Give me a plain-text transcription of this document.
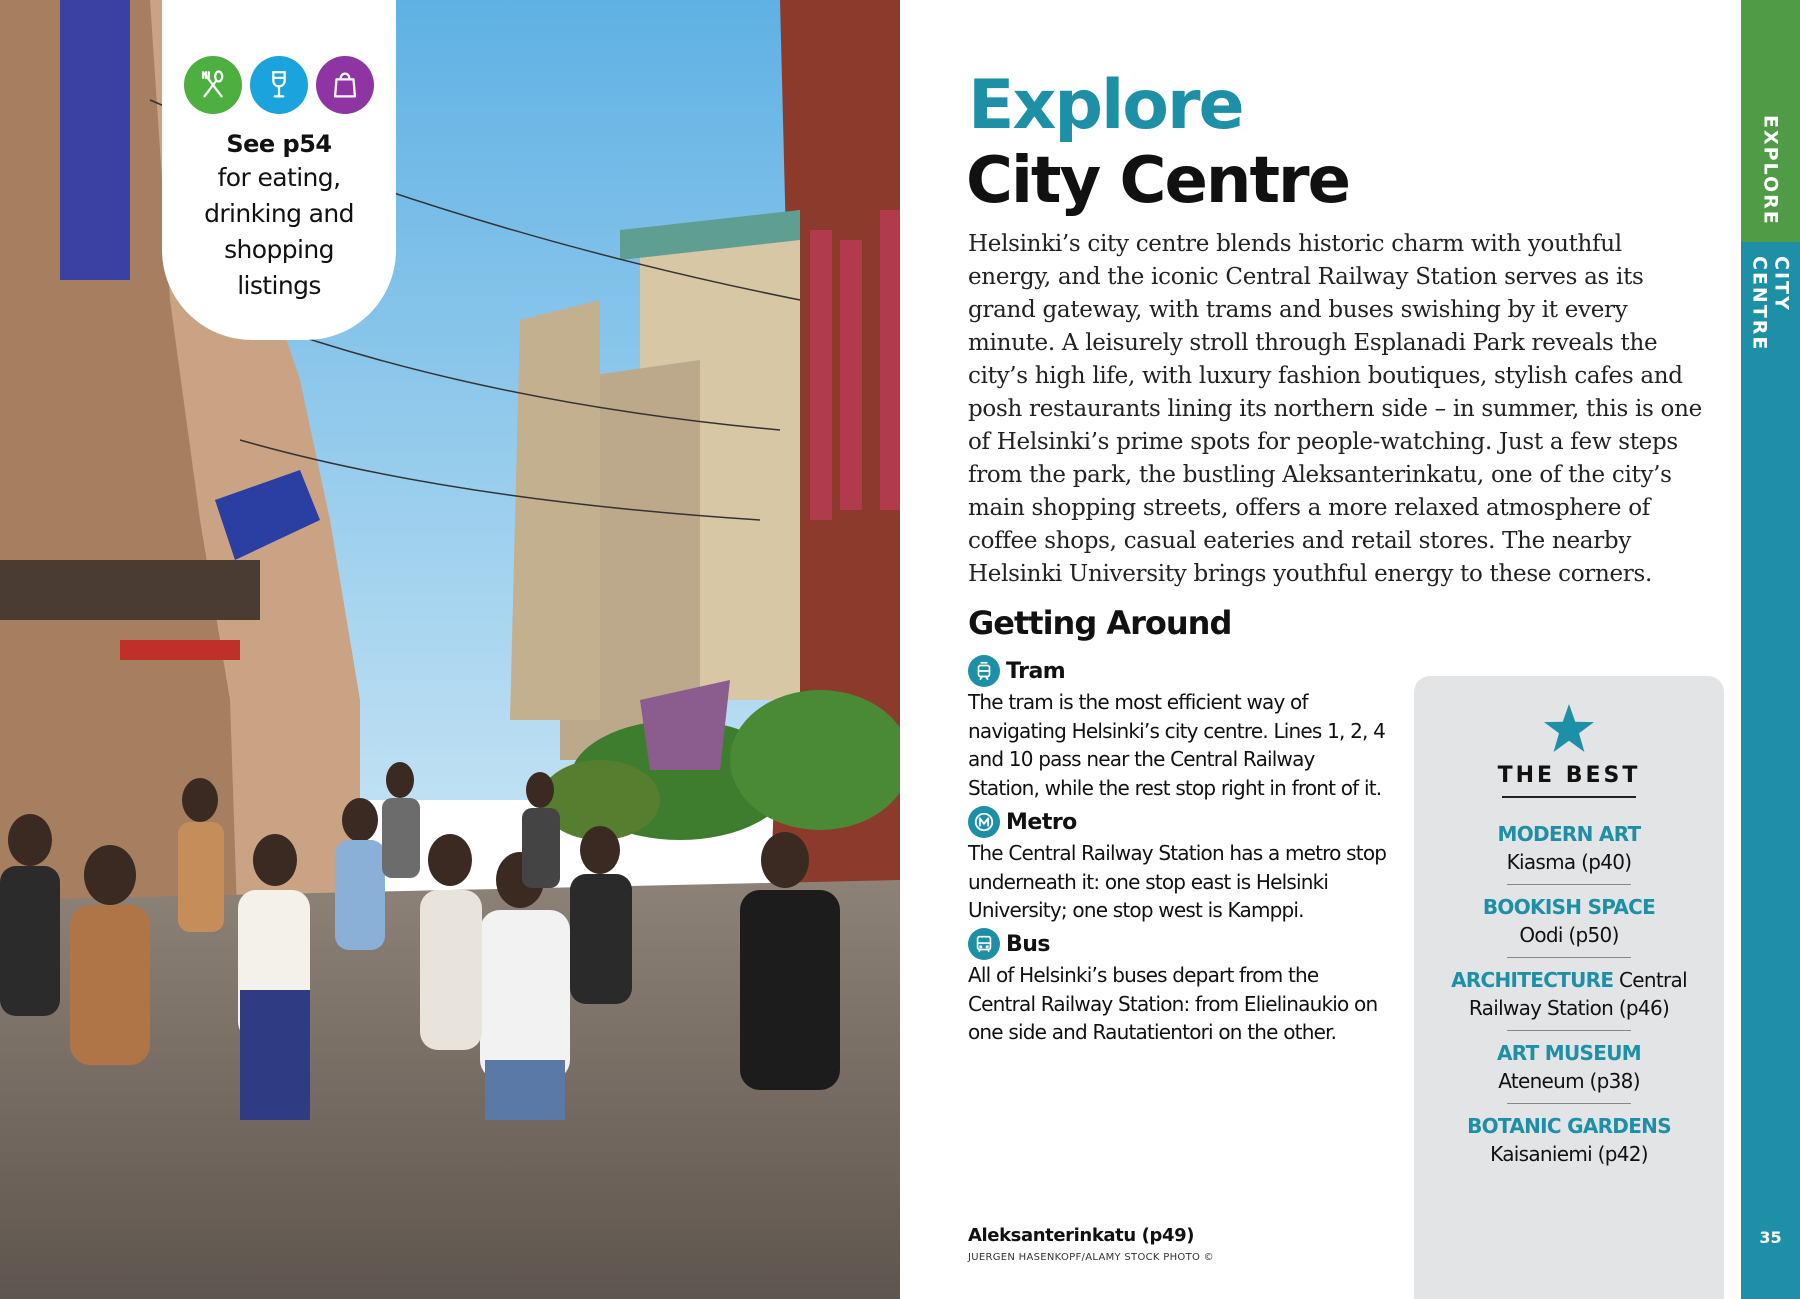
See p54
for eating,
drinking and
shopping
listings
Explore
City Centre

Helsinki’s city centre blends historic charm with youthful energy, and the iconic Central Railway Station serves as its grand gateway, with trams and buses swishing by it every minute. A leisurely stroll through Esplanadi Park reveals the city’s high life, with luxury fashion boutiques, stylish cafes and posh restaurants lining its northern side – in summer, this is one of Helsinki’s prime spots for people-watching. Just a few steps from the park, the bustling Aleksanterinkatu, one of the city’s main shopping streets, offers a more relaxed atmosphere of coffee shops, casual eateries and retail stores. The nearby Helsinki University brings youthful energy to these corners.

Getting Around
Tram
The tram is the most efficient way of navigating Helsinki’s city centre. Lines 1, 2, 4 and 10 pass near the Central Railway Station, while the rest stop right in front of it.
Metro
The Central Railway Station has a metro stop underneath it: one stop east is Helsinki University; one stop west is Kamppi.
Bus
All of Helsinki’s buses depart from the Central Railway Station: from Elielinaukio on one side and Rautatientori on the other.
THE BEST
MODERN ART
Kiasma (p40)
BOOKISH SPACE
Oodi (p50)
ARCHITECTURE Central Railway Station (p46)
ART MUSEUM
Ateneum (p38)
BOTANIC GARDENS
Kaisaniemi (p42)
Aleksanterinkatu (p49)
JUERGEN HASENKOPF/ALAMY STOCK PHOTO ©
EXPLORE
CITY CENTRE
35
